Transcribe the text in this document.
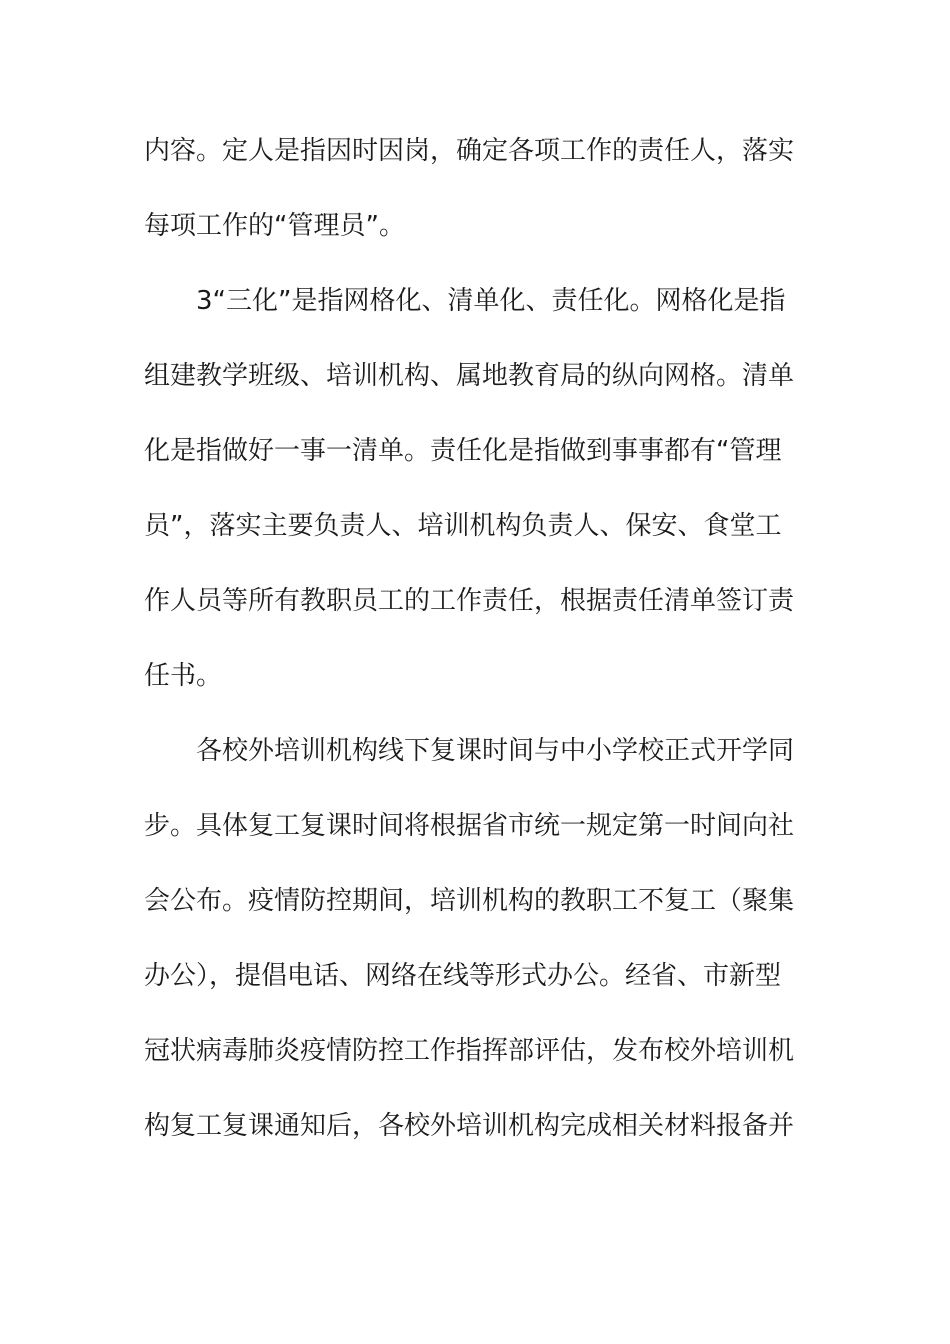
内容。定人是指因时因岗，确定各项工作的责任人，落实
每项工作的“管理员”。
3“三化”是指网格化、清单化、责任化。网格化是指
组建教学班级、培训机构、属地教育局的纵向网格。清单
化是指做好一事一清单。责任化是指做到事事都有“管理
员”，落实主要负责人、培训机构负责人、保安、食堂工
作人员等所有教职员工的工作责任，根据责任清单签订责
任书。
各校外培训机构线下复课时间与中小学校正式开学同
步。具体复工复课时间将根据省市统一规定第一时间向社
会公布。疫情防控期间，培训机构的教职工不复工（聚集
办公），提倡电话、网络在线等形式办公。经省、市新型
冠状病毒肺炎疫情防控工作指挥部评估，发布校外培训机
构复工复课通知后，各校外培训机构完成相关材料报备并
